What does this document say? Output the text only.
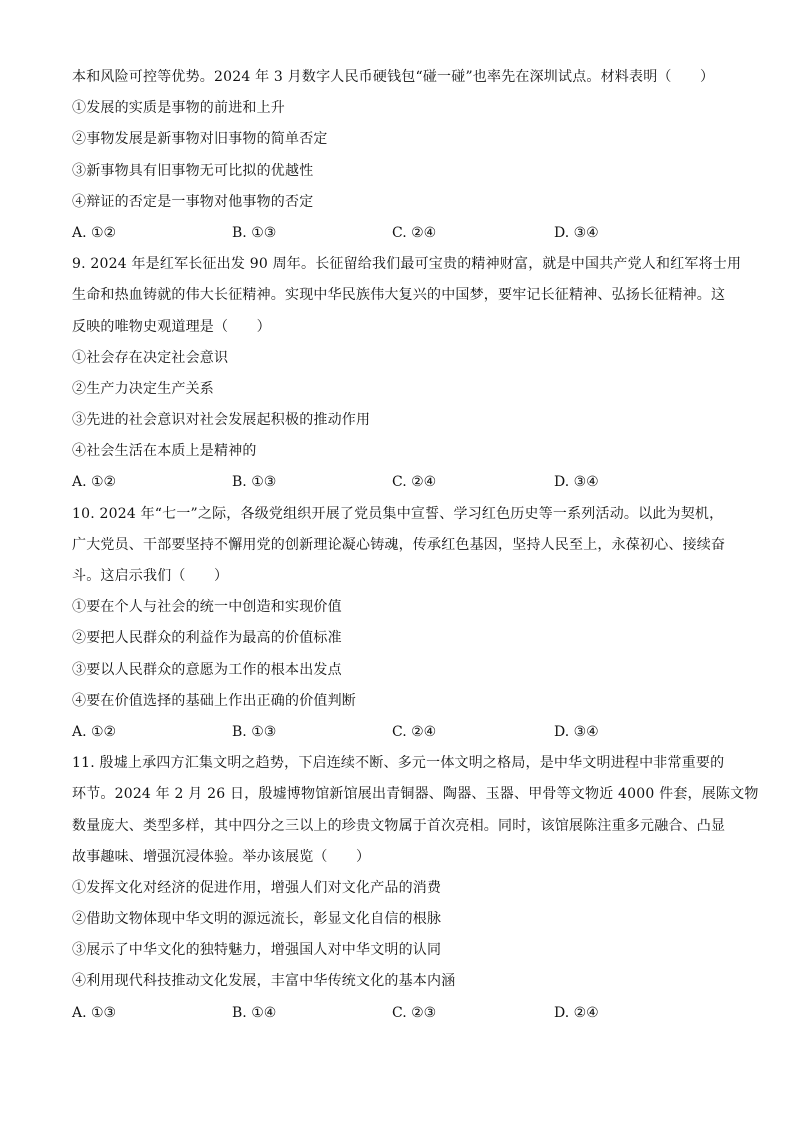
本和风险可控等优势。2024 年 3 月数字人民币硬钱包“碰一碰”也率先在深圳试点。材料表明（　　）
①发展的实质是事物的前进和上升
②事物发展是新事物对旧事物的简单否定
③新事物具有旧事物无可比拟的优越性
④辩证的否定是一事物对他事物的否定
A. ①②	B. ①③	C. ②④	D. ③④
9. 2024 年是红军长征出发 90 周年。长征留给我们最可宝贵的精神财富，就是中国共产党人和红军将士用
生命和热血铸就的伟大长征精神。实现中华民族伟大复兴的中国梦，要牢记长征精神、弘扬长征精神。这
反映的唯物史观道理是（　　）
①社会存在决定社会意识
②生产力决定生产关系
③先进的社会意识对社会发展起积极的推动作用
④社会生活在本质上是精神的
A. ①②	B. ①③	C. ②④	D. ③④
10. 2024 年“七一”之际，各级党组织开展了党员集中宣誓、学习红色历史等一系列活动。以此为契机，
广大党员、干部要坚持不懈用党的创新理论凝心铸魂，传承红色基因，坚持人民至上，永葆初心、接续奋
斗。这启示我们（　　）
①要在个人与社会的统一中创造和实现价值
②要把人民群众的利益作为最高的价值标准
③要以人民群众的意愿为工作的根本出发点
④要在价值选择的基础上作出正确的价值判断
A. ①②	B. ①③	C. ②④	D. ③④
11. 殷墟上承四方汇集文明之趋势，下启连续不断、多元一体文明之格局，是中华文明进程中非常重要的
环节。2024 年 2 月 26 日，殷墟博物馆新馆展出青铜器、陶器、玉器、甲骨等文物近 4000 件套，展陈文物
数量庞大、类型多样，其中四分之三以上的珍贵文物属于首次亮相。同时，该馆展陈注重多元融合、凸显
故事趣味、增强沉浸体验。举办该展览（　　）
①发挥文化对经济的促进作用，增强人们对文化产品的消费
②借助文物体现中华文明的源远流长，彰显文化自信的根脉
③展示了中华文化的独特魅力，增强国人对中华文明的认同
④利用现代科技推动文化发展，丰富中华传统文化的基本内涵
A. ①③	B. ①④	C. ②③	D. ②④
